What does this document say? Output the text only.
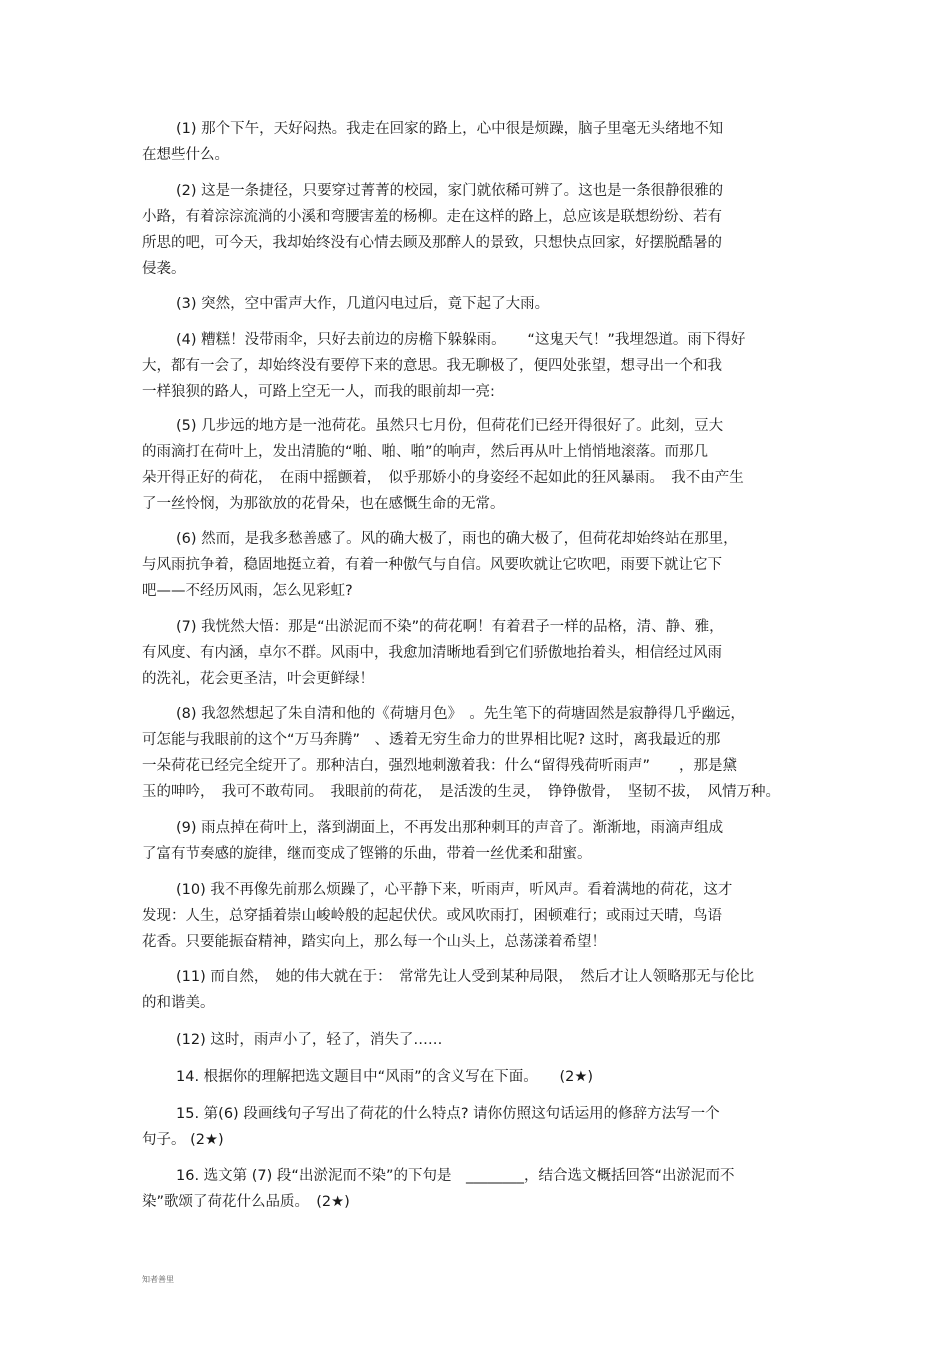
(1) 那个下午，天好闷热。我走在回家的路上，心中很是烦躁，脑子里毫无头绪地不知
在想些什么。
(2) 这是一条捷径，只要穿过菁菁的校园，家门就依稀可辨了。这也是一条很静很雅的
小路，有着淙淙流淌的小溪和弯腰害羞的杨柳。走在这样的路上，总应该是联想纷纷、若有
所思的吧，可今天，我却始终没有心情去顾及那醉人的景致，只想快点回家，好摆脱酷暑的
侵袭。
(3) 突然，空中雷声大作，几道闪电过后，竟下起了大雨。
(4) 糟糕！没带雨伞，只好去前边的房檐下躲躲雨。　　“这鬼天气！”我埋怨道。雨下得好
大，都有一会了，却始终没有要停下来的意思。我无聊极了，便四处张望，想寻出一个和我
一样狼狈的路人，可路上空无一人，而我的眼前却一亮:
(5) 几步远的地方是一池荷花。虽然只七月份，但荷花们已经开得很好了。此刻，豆大
的雨滴打在荷叶上，发出清脆的“啪、啪、啪”的响声，然后再从叶上悄悄地滚落。而那几
朵开得正好的荷花，　在雨中摇颤着，　似乎那娇小的身姿经不起如此的狂风暴雨。　我不由产生
了一丝怜悯，为那欲放的花骨朵，也在感慨生命的无常。
(6) 然而，是我多愁善感了。风的确大极了，雨也的确大极了，但荷花却始终站在那里，
与风雨抗争着，稳固地挺立着，有着一种傲气与自信。风要吹就让它吹吧，雨要下就让它下
吧——不经历风雨，怎么见彩虹?
(7) 我恍然大悟：那是“出淤泥而不染”的荷花啊！有着君子一样的品格，清、静、雅，
有风度、有内涵，卓尔不群。风雨中，我愈加清晰地看到它们骄傲地抬着头，相信经过风雨
的洗礼，花会更圣洁，叶会更鲜绿！
(8) 我忽然想起了朱自清和他的《荷塘月色》　。先生笔下的荷塘固然是寂静得几乎幽远，
可怎能与我眼前的这个“万马奔腾”　、透着无穷生命力的世界相比呢? 这时，离我最近的那
一朵荷花已经完全绽开了。那种洁白，强烈地刺激着我：什么“留得残荷听雨声”　　，那是黛
玉的呻吟，　我可不敢苟同。　我眼前的荷花，　是活泼的生灵，　铮铮傲骨，　坚韧不拔，　风情万种。
(9) 雨点掉在荷叶上，落到湖面上，不再发出那种刺耳的声音了。渐渐地，雨滴声组成
了富有节奏感的旋律，继而变成了铿锵的乐曲，带着一丝优柔和甜蜜。
(10) 我不再像先前那么烦躁了，心平静下来，听雨声，听风声。看着满地的荷花，这才
发现：人生，总穿插着崇山峻岭般的起起伏伏。或风吹雨打，困顿难行；或雨过天晴，鸟语
花香。只要能振奋精神，踏实向上，那么每一个山头上，总荡漾着希望！
(11) 而自然，　她的伟大就在于：　常常先让人受到某种局限，　然后才让人领略那无与伦比
的和谐美。
(12) 这时，雨声小了，轻了，消失了……
14. 根据你的理解把选文题目中“风雨”的含义写在下面。　　(2★)
15. 第(6) 段画线句子写出了荷花的什么特点? 请你仿照这句话运用的修辞方法写一个
句子。 (2★)
16. 选文第 (7) 段“出淤泥而不染”的下句是　________，结合选文概括回答“出淤泥而不
染”歌颂了荷花什么品质。　(2★)
知者善里
